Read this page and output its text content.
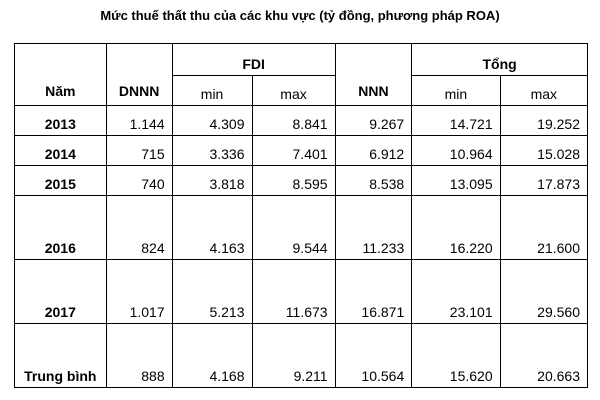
Mức thuế thất thu của các khu vực (tỷ đồng, phương pháp ROA)
Năm	DNNN	FDI		NNN	Tổng	
		min	max		min	max
2013	1.144	4.309	8.841	9.267	14.721	19.252
2014	715	3.336	7.401	6.912	10.964	15.028
2015	740	3.818	8.595	8.538	13.095	17.873
2016	824	4.163	9.544	11.233	16.220	21.600
2017	1.017	5.213	11.673	16.871	23.101	29.560
Trung bình	888	4.168	9.211	10.564	15.620	20.663
